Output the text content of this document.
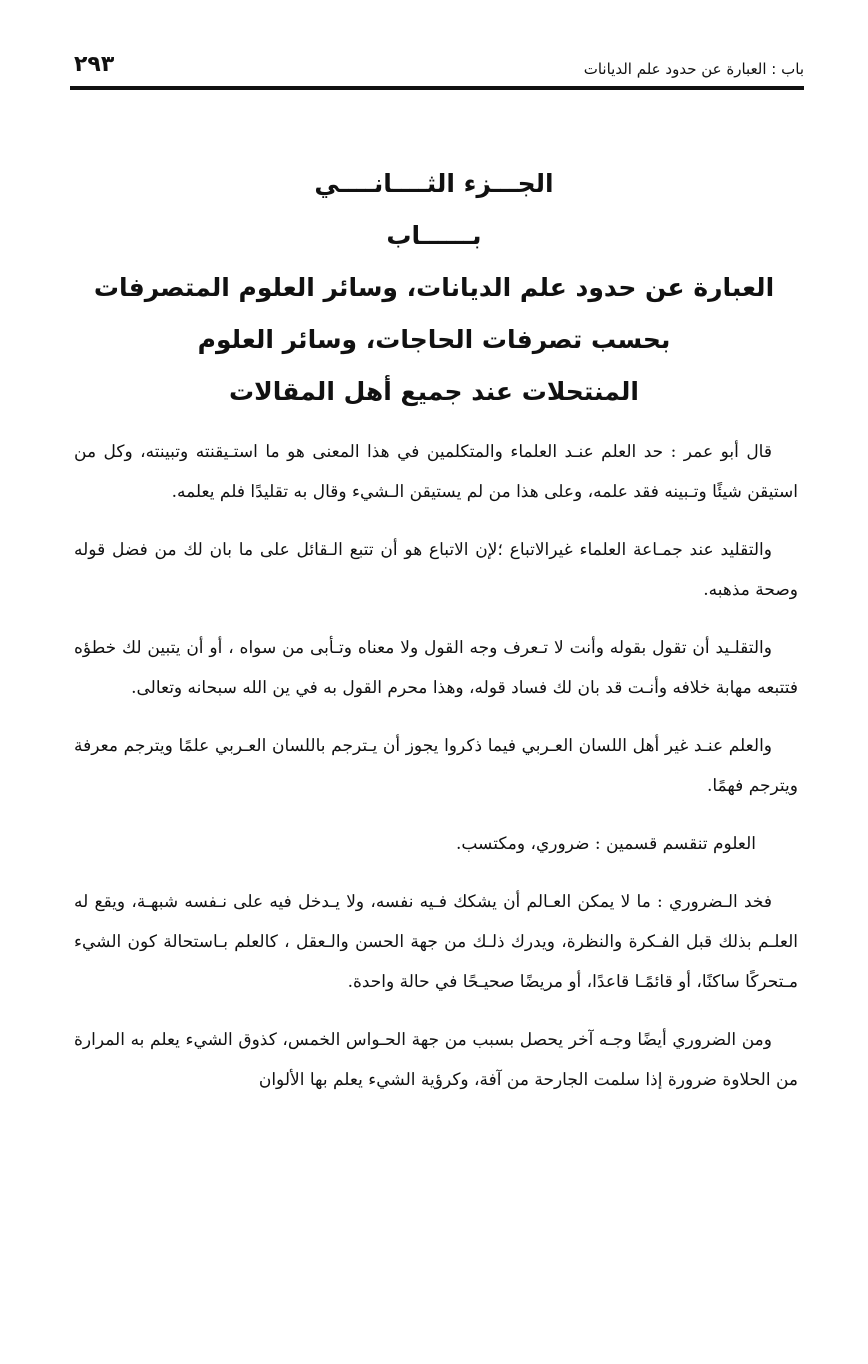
باب : العبارة عن حدود علم الديانات
٢٩٣
الجـــزء الثــــانــــي
بــــــاب
العبارة عن حدود علم الديانات، وسائر العلوم المتصرفات
بحسب تصرفات الحاجات، وسائر العلوم
المنتحلات عند جميع أهل المقالات

قال أبو عمر : حد العلم عنـد العلماء والمتكلمين في هذا المعنى هو ما استـيقنته وتبينته، وكل من استيقن شيئًا وتـبينه فقد علمه، وعلى هذا من لم يستيقن الـشيء وقال به تقليدًا فلم يعلمه.

والتقليد عند جمـاعة العلماء غيرالاتباع ؛لإن الاتباع هو أن تتبع الـقائل على ما بان لك من فضل قوله وصحة مذهبه.

والتقلـيد أن تقول بقوله وأنت لا تـعرف وجه القول ولا معناه وتـأبى من سواه ، أو أن يتبين لك خطؤه فتتبعه مهابة خلافه وأنـت قد بان لك فساد قوله، وهذا محرم القول به في ين الله سبحانه وتعالى.

والعلم عنـد غير أهل اللسان العـربي فيما ذكروا يجوز أن يـترجم باللسان العـربي علمًا ويترجم معرفة ويترجم فهمًا.

العلوم تنقسم قسمين : ضروري، ومكتسب.

فخد الـضروري : ما لا يمكن العـالم أن يشكك فـيه نفسه، ولا يـدخل فيه على نـفسه شبهـة، ويقع له العلـم بذلك قبل الفـكرة والنظرة، ويدرك ذلـك من جهة الحسن والـعقل ، كالعلم بـاستحالة كون الشيء مـتحركًا ساكنًا، أو قائمًـا قاعدًا، أو مريضًا صحيـحًا في حالة واحدة.

ومن الضروري أيضًا وجـه آخر يحصل بسبب من جهة الحـواس الخمس، كذوق الشيء يعلم به المرارة من الحلاوة ضرورة إذا سلمت الجارحة من آفة، وكرؤية الشيء يعلم بها الألوان
